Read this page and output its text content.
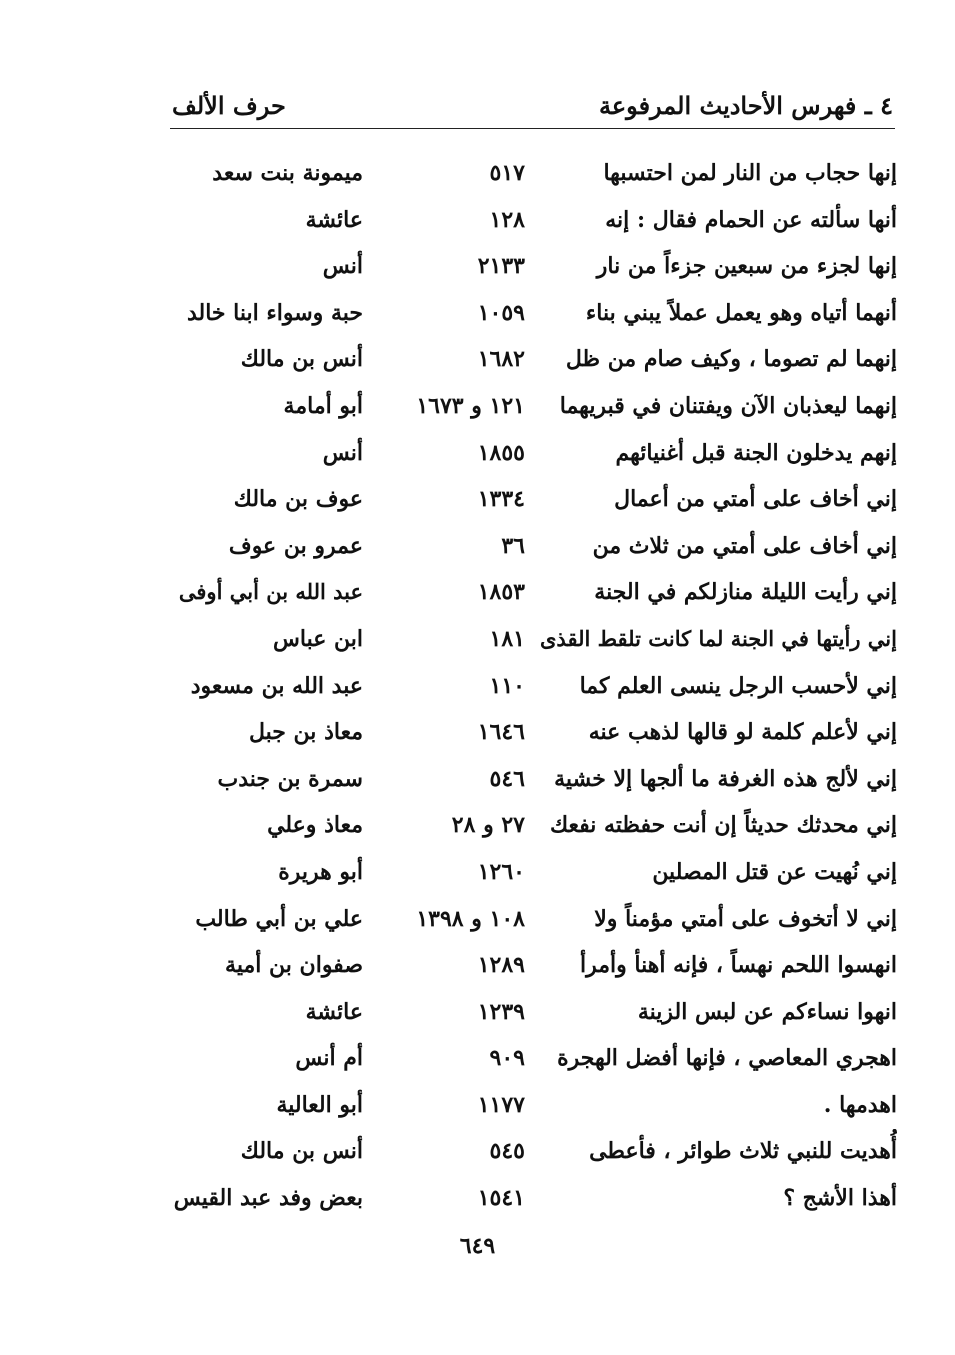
٤ ـ فهرس الأحاديث المرفوعة
حرف الألف
إنها حجاب من النار لمن احتسبها
٥١٧
ميمونة بنت سعد
أنها سألته عن الحمام فقال : إنه
١٢٨
عائشة
إنها لجزء من سبعين جزءاً من نار
٢١٣٣
أنس
أنهما أتياه وهو يعمل عملاً يبني بناء
١٠٥٩
حبة وسواء ابنا خالد
إنهما لم تصوما ، وكيف صام من ظل
١٦٨٢
أنس بن مالك
إنهما ليعذبان الآن ويفتنان في قبريهما
١٢١ و ١٦٧٣
أبو أمامة
إنهم يدخلون الجنة قبل أغنيائهم
١٨٥٥
أنس
إني أخاف على أمتي من أعمال
١٣٣٤
عوف بن مالك
إني أخاف على أمتي من ثلاث من
٣٦
عمرو بن عوف
إني رأيت الليلة منازلكم في الجنة
١٨٥٣
عبد الله بن أبي أوفى
إني رأيتها في الجنة لما كانت تلقط القذى
١٨١
ابن عباس
إني لأحسب الرجل ينسى العلم كما
١١٠
عبد الله بن مسعود
إني لأعلم كلمة لو قالها لذهب عنه
١٦٤٦
معاذ بن جبل
إني لألج هذه الغرفة ما ألجها إلا خشية
٥٤٦
سمرة بن جندب
إني محدثك حديثاً إن أنت حفظته نفعك
٢٧ و ٢٨
معاذ وعلي
إني نُهيت عن قتل المصلين
١٢٦٠
أبو هريرة
إني لا أتخوف على أمتي مؤمناً ولا
١٠٨ و ١٣٩٨
علي بن أبي طالب
انهسوا اللحم نهساً ، فإنه أهنأ وأمرأ
١٢٨٩
صفوان بن أمية
انهوا نساءكم عن لبس الزينة
١٢٣٩
عائشة
اهجري المعاصي ، فإنها أفضل الهجرة
٩٠٩
أم أنس
اهدمها .
١١٧٧
أبو العالية
أُهديت للنبي ثلاث طوائر ، فأعطى
٥٤٥
أنس بن مالك
أهذا الأشج ؟
١٥٤١
بعض وفد عبد القيس
٦٤٩
